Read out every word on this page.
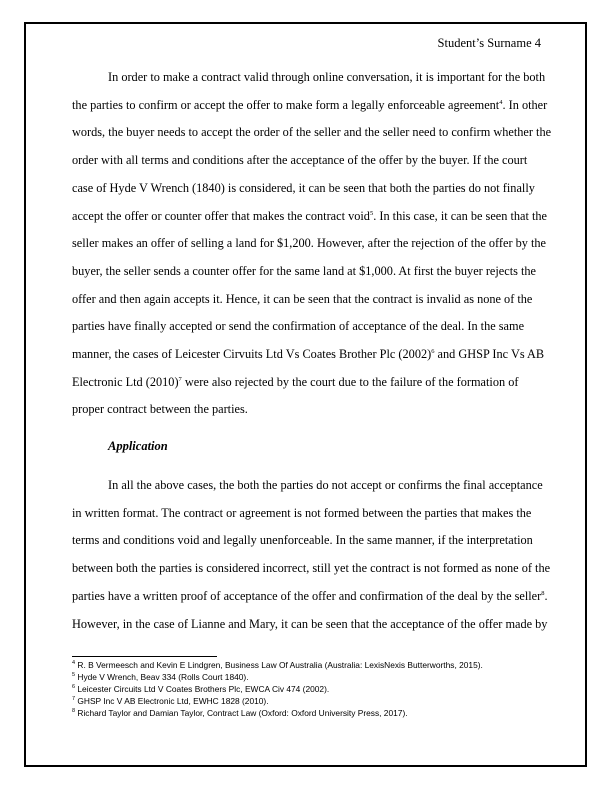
Student’s Surname 4
In order to make a contract valid through online conversation, it is important for the both
the parties to confirm or accept the offer to make form a legally enforceable agreement$^4$. In other
words, the buyer needs to accept the order of the seller and the seller need to confirm whether the
order with all terms and conditions after the acceptance of the offer by the buyer. If the court
case of Hyde V Wrench (1840) is considered, it can be seen that both the parties do not finally
accept the offer or counter offer that makes the contract void$^5$. In this case, it can be seen that the
seller makes an offer of selling a land for $1,200. However, after the rejection of the offer by the
buyer, the seller sends a counter offer for the same land at $1,000. At first the buyer rejects the
offer and then again accepts it. Hence, it can be seen that the contract is invalid as none of the
parties have finally accepted or send the confirmation of acceptance of the deal. In the same
manner, the cases of Leicester Cirvuits Ltd Vs Coates Brother Plc $(2002)^6$ and GHSP Inc Vs AB
Electronic Ltd $(2010)^7$ were also rejected by the court due to the failure of the formation of
proper contract between the parties.
Application
In all the above cases, the both the parties do not accept or confirms the final acceptance
in written format. The contract or agreement is not formed between the parties that makes the
terms and conditions void and legally unenforceable. In the same manner, if the interpretation
between both the parties is considered incorrect, still yet the contract is not formed as none of the
parties have a written proof of acceptance of the offer and confirmation of the deal by the seller$^8$.
However, in the case of Lianne and Mary, it can be seen that the acceptance of the offer made by
$^4$ R. B Vermeesch and Kevin E Lindgren, Business Law Of Australia (Australia: LexisNexis Butterworths, 2015).
$^5$ Hyde V Wrench, Beav 334 (Rolls Court 1840).
$^6$ Leicester Circuits Ltd V Coates Brothers Plc, EWCA Civ 474 (2002).
$^7$ GHSP Inc V AB Electronic Ltd, EWHC 1828 (2010).
$^8$ Richard Taylor and Damian Taylor, Contract Law (Oxford: Oxford University Press, 2017).
